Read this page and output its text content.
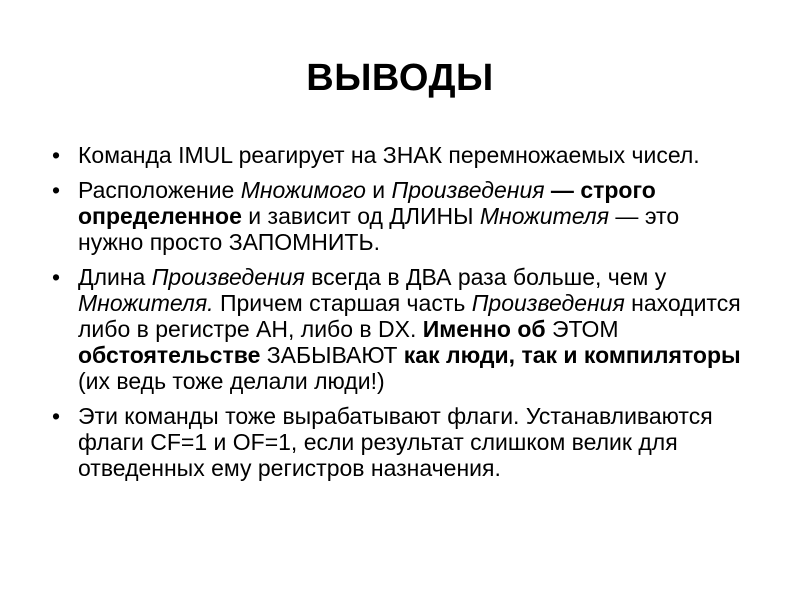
ВЫВОДЫ
• Команда IMUL реагирует на ЗНАК перемножаемых чисел.
• Расположение Множимого и Произведения — строго определенное и зависит од ДЛИНЫ Множителя — это нужно просто ЗАПОМНИТЬ.
• Длина Произведения всегда в ДВА раза больше, чем у Множителя. Причем старшая часть Произведения находится либо в регистре АН, либо в DX. Именно об ЭТОМ обстоятельстве ЗАБЫВАЮТ как люди, так и компиляторы (их ведь тоже делали люди!)
• Эти команды тоже вырабатывают флаги. Устанавливаются флаги CF=1 и OF=1, если результат слишком велик для отведенных ему регистров назначения.
